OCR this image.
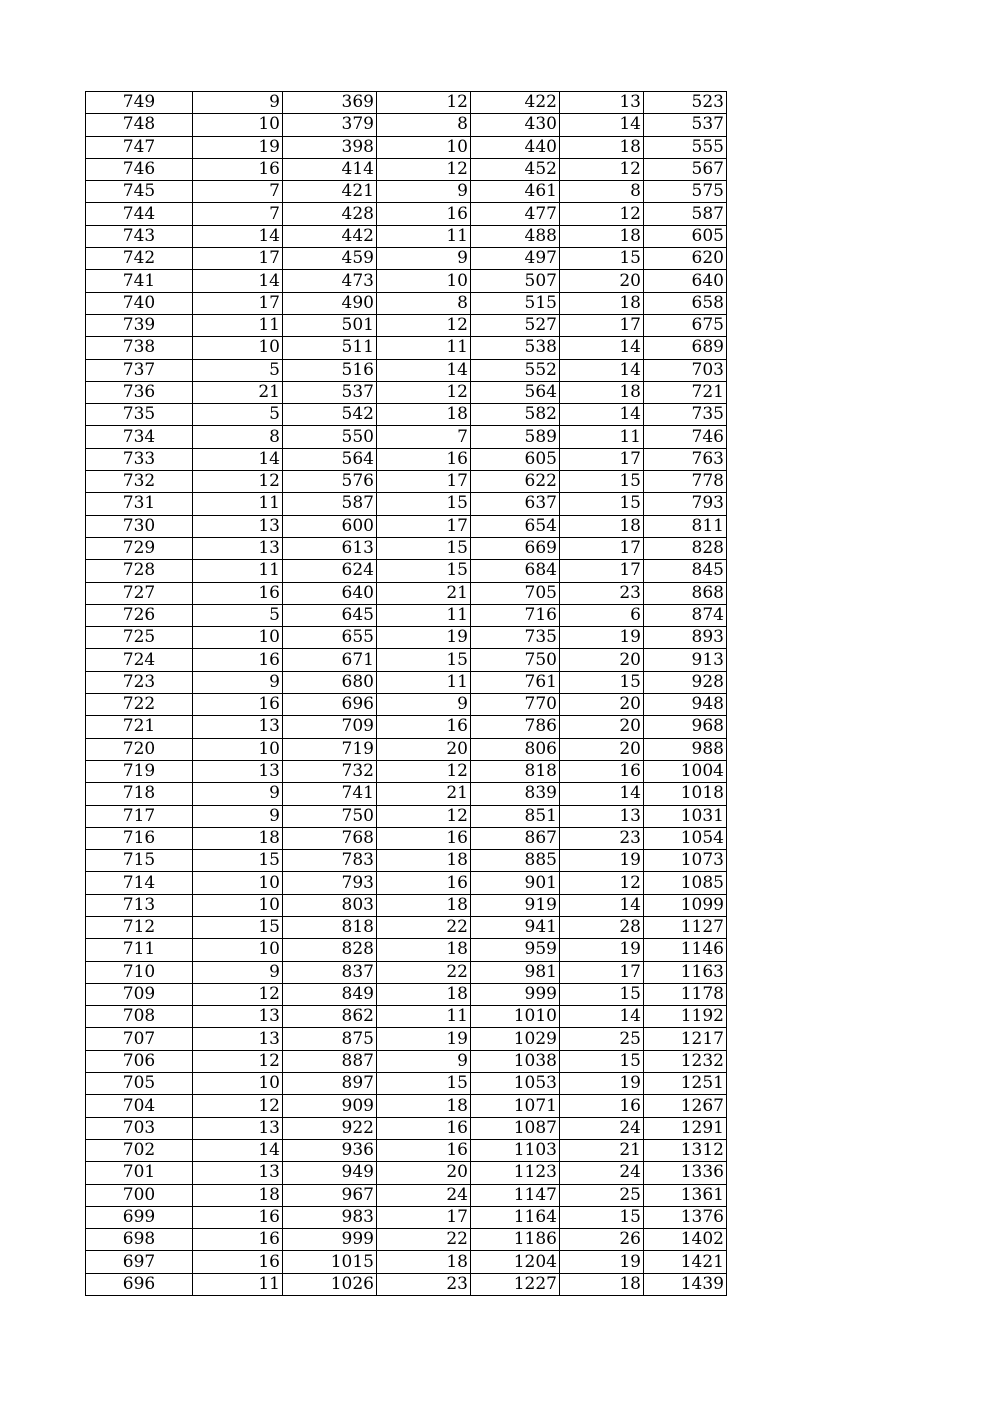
749	9	369	12	422	13	523
748	10	379	8	430	14	537
747	19	398	10	440	18	555
746	16	414	12	452	12	567
745	7	421	9	461	8	575
744	7	428	16	477	12	587
743	14	442	11	488	18	605
742	17	459	9	497	15	620
741	14	473	10	507	20	640
740	17	490	8	515	18	658
739	11	501	12	527	17	675
738	10	511	11	538	14	689
737	5	516	14	552	14	703
736	21	537	12	564	18	721
735	5	542	18	582	14	735
734	8	550	7	589	11	746
733	14	564	16	605	17	763
732	12	576	17	622	15	778
731	11	587	15	637	15	793
730	13	600	17	654	18	811
729	13	613	15	669	17	828
728	11	624	15	684	17	845
727	16	640	21	705	23	868
726	5	645	11	716	6	874
725	10	655	19	735	19	893
724	16	671	15	750	20	913
723	9	680	11	761	15	928
722	16	696	9	770	20	948
721	13	709	16	786	20	968
720	10	719	20	806	20	988
719	13	732	12	818	16	1004
718	9	741	21	839	14	1018
717	9	750	12	851	13	1031
716	18	768	16	867	23	1054
715	15	783	18	885	19	1073
714	10	793	16	901	12	1085
713	10	803	18	919	14	1099
712	15	818	22	941	28	1127
711	10	828	18	959	19	1146
710	9	837	22	981	17	1163
709	12	849	18	999	15	1178
708	13	862	11	1010	14	1192
707	13	875	19	1029	25	1217
706	12	887	9	1038	15	1232
705	10	897	15	1053	19	1251
704	12	909	18	1071	16	1267
703	13	922	16	1087	24	1291
702	14	936	16	1103	21	1312
701	13	949	20	1123	24	1336
700	18	967	24	1147	25	1361
699	16	983	17	1164	15	1376
698	16	999	22	1186	26	1402
697	16	1015	18	1204	19	1421
696	11	1026	23	1227	18	1439
